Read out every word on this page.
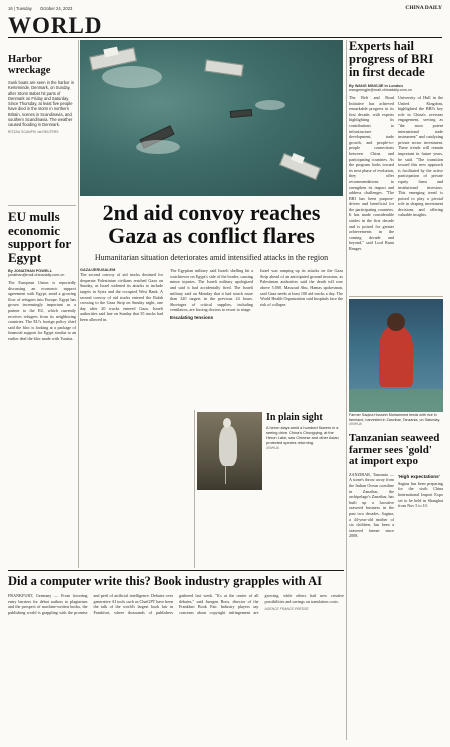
16 | Tuesday October 24, 2023	CHINA DAILY
WORLD
Harbor wreckage
Sunk boats are seen in the harbor in Kerteminde, Denmark, on Sunday, after Storm Babet hit parts of Denmark on Friday and Saturday. Since Thursday, at least five people have died in the storm in northern Britain, scenes in Scandinavia, and southern Scandinavia. The weather caused flooding in Denmark.
RITZAU SCANPIX via REUTERS
Experts hail progress of BRI in first decade
By WANG MINGJIE in London
wangmingjie@mail.chinadaily.com.cn
The Belt and Road Initiative has achieved remarkable progress in its first decade, with experts highlighting its contributions to infrastructure development, trade growth, and people-to-people connections between China and participating countries. As the program looks toward its next phase of evolution, they offer recommendations to strengthen its impact and address challenges. "The BRI has been purpose-driven and beneficial for the participating countries. It has made considerable strides in the first decade and is poised for greater achievements in the coming decade and beyond," said Lord Rami Ranger.
University of Hull in the United Kingdom, highlighted the BRI's key role in China's overseas engagement, serving as "the most potent international trade instrument" and catalyzing private sector investment. These trends will remain important in future years, he said. "The transition toward this new approach is facilitated by the active participation of private equity firms and institutional investors. This emerging trend is poised to play a pivotal role in shaping investment decisions and offering valuable insights.
EU mulls economic support for Egypt
By JONATHAN POWELL
jonathan@mail.chinadaily.com.cn
The European Union is reportedly discussing an economic support agreement with Egypt, amid a growing flow of refugees into Europe. Egypt has grown increasingly important as a partner to the EU, which currently receives refugees from its neighboring countries. The EU's foreign policy chief said the bloc is looking at a package of financial support for Egypt similar to an earlier deal the bloc made with Tunisia.
2nd aid convoy reaches Gaza as conflict flares
Humanitarian situation deteriorates amid intensified attacks in the region
GAZA/JERUSALEM
The second convoy of aid trucks destined for desperate Palestinian civilians reached Gaza on Sunday, as Israel widened its attacks to include targets in Syria and the occupied West Bank. A second convoy of aid trucks entered the Rafah crossing to the Gaza Strip on Sunday night, one day after 20 trucks entered Gaza. Israeli authorities said late on Sunday that 35 trucks had been allowed in.
The Egyptian military said Israeli shelling hit a watchtower on Egypt's side of the border, causing minor injuries. The Israeli military apologized and said it had accidentally fired. The Israeli military said on Monday that it had struck more than 320 targets in the previous 24 hours. Shortages of critical supplies, including ventilators, are forcing doctors to resort to triage.
Escalating tensions
Israel was ramping up its attacks on the Gaza Strip ahead of an anticipated ground invasion, as Palestinian authorities said the death toll rose above 5,000. Massoud Abu, Hamas spokesman, said Gaza needs at least 100 aid trucks a day. The World Health Organization said hospitals face the risk of collapse.
In plain sight
A heron stays amid a hundred flowers in a seeing drive. China's Chongqing, at the Heron Lake, saw Chinese and other Asian protected species returning.
XINHUA
Farmer Saqina Hussein Mohammed feeds with rice in farmland, harvested in Zanzibar, Tanzania, on Saturday. XINHUA
Tanzanian seaweed farmer sees 'gold' at import expo
ZANZIBAR, Tanzania — A stone's throw away from the Indian Ocean coastline in Zanzibar, the archipelago's Zanzibar, has built up a lucrative seaweed business in the past two decades. Sagina, a 44-year-old mother of six children, has been a seaweed farmer since 2008.
'High expectations'
Sagina has been preparing for the sixth China International Import Expo set to be held in Shanghai from Nov 5 to 10.
Did a computer write this? Book industry grapples with AI
FRANKFURT, Germany — From lowering entry barriers for debut authors to plagiarism and the prospect of machine-written books, the publishing world is grappling with the promise and peril of artificial intelligence. Debates over generative AI tools such as ChatGPT have been the talk of the world's largest book fair in Frankfurt, where thousands of publishers gathered last week. "It's at the center of all debates," said Juergen Boos, director of the Frankfurt Book Fair. Industry players say concerns about copyright infringement are growing, while others hail new creative possibilities and savings on translation costs.
AGENCE FRANCE-PRESSE
